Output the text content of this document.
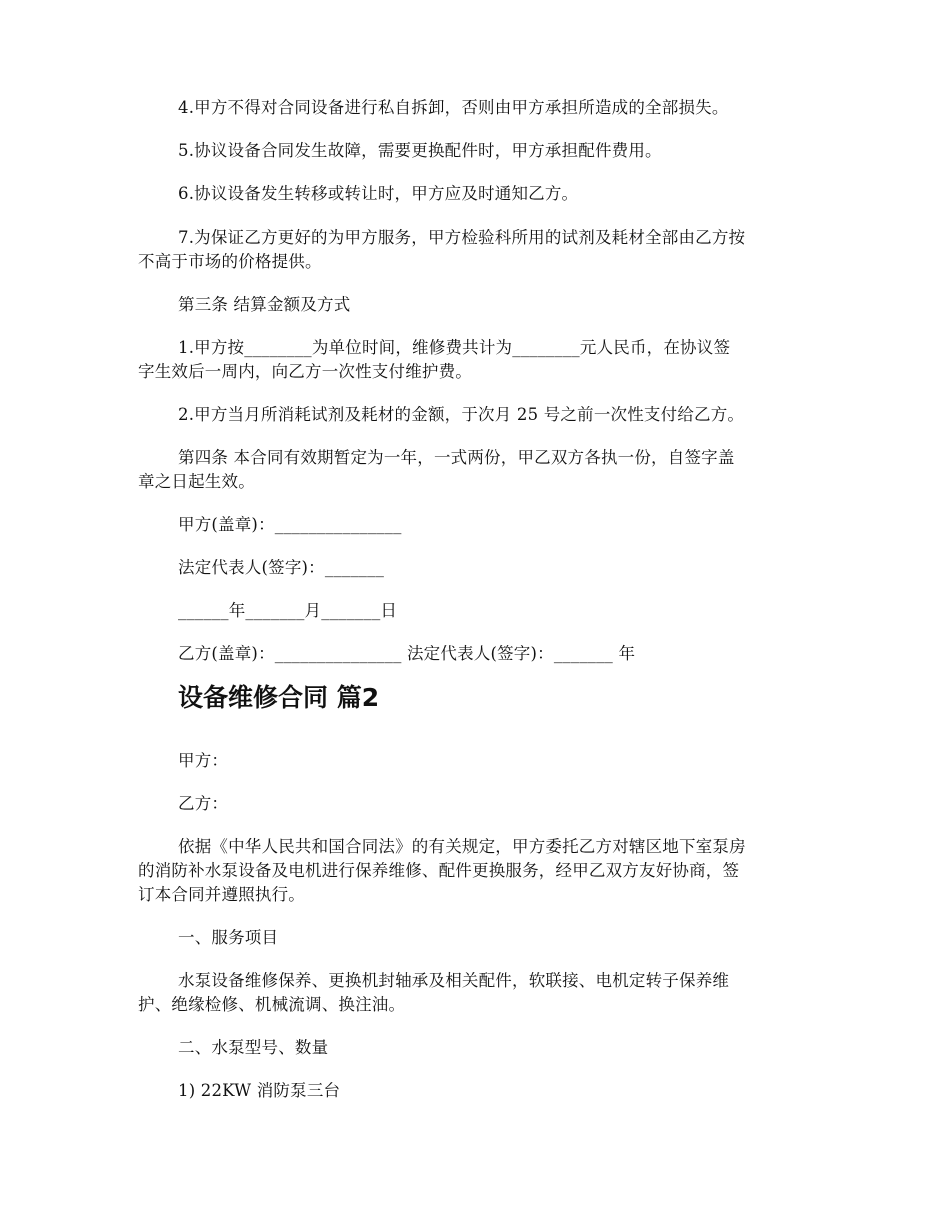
4.甲方不得对合同设备进行私自拆卸，否则由甲方承担所造成的全部损失。

5.协议设备合同发生故障，需要更换配件时，甲方承担配件费用。

6.协议设备发生转移或转让时，甲方应及时通知乙方。

7.为保证乙方更好的为甲方服务，甲方检验科所用的试剂及耗材全部由乙方按

不高于市场的价格提供。

第三条 结算金额及方式

1.甲方按________为单位时间，维修费共计为________元人民币，在协议签

字生效后一周内，向乙方一次性支付维护费。

2.甲方当月所消耗试剂及耗材的金额，于次月 25 号之前一次性支付给乙方。

第四条 本合同有效期暂定为一年，一式两份，甲乙双方各执一份，自签字盖

章之日起生效。

甲方(盖章)：_______________

法定代表人(签字)：_______

______年_______月_______日

乙方(盖章)：_______________ 法定代表人(签字)：_______ 年

设备维修合同 篇2

甲方：

乙方：

依据《中华人民共和国合同法》的有关规定，甲方委托乙方对辖区地下室泵房

的消防补水泵设备及电机进行保养维修、配件更换服务，经甲乙双方友好协商，签

订本合同并遵照执行。

一、服务项目

水泵设备维修保养、更换机封轴承及相关配件，软联接、电机定转子保养维

护、绝缘检修、机械流调、换注油。

二、水泵型号、数量

1) 22KW 消防泵三台
